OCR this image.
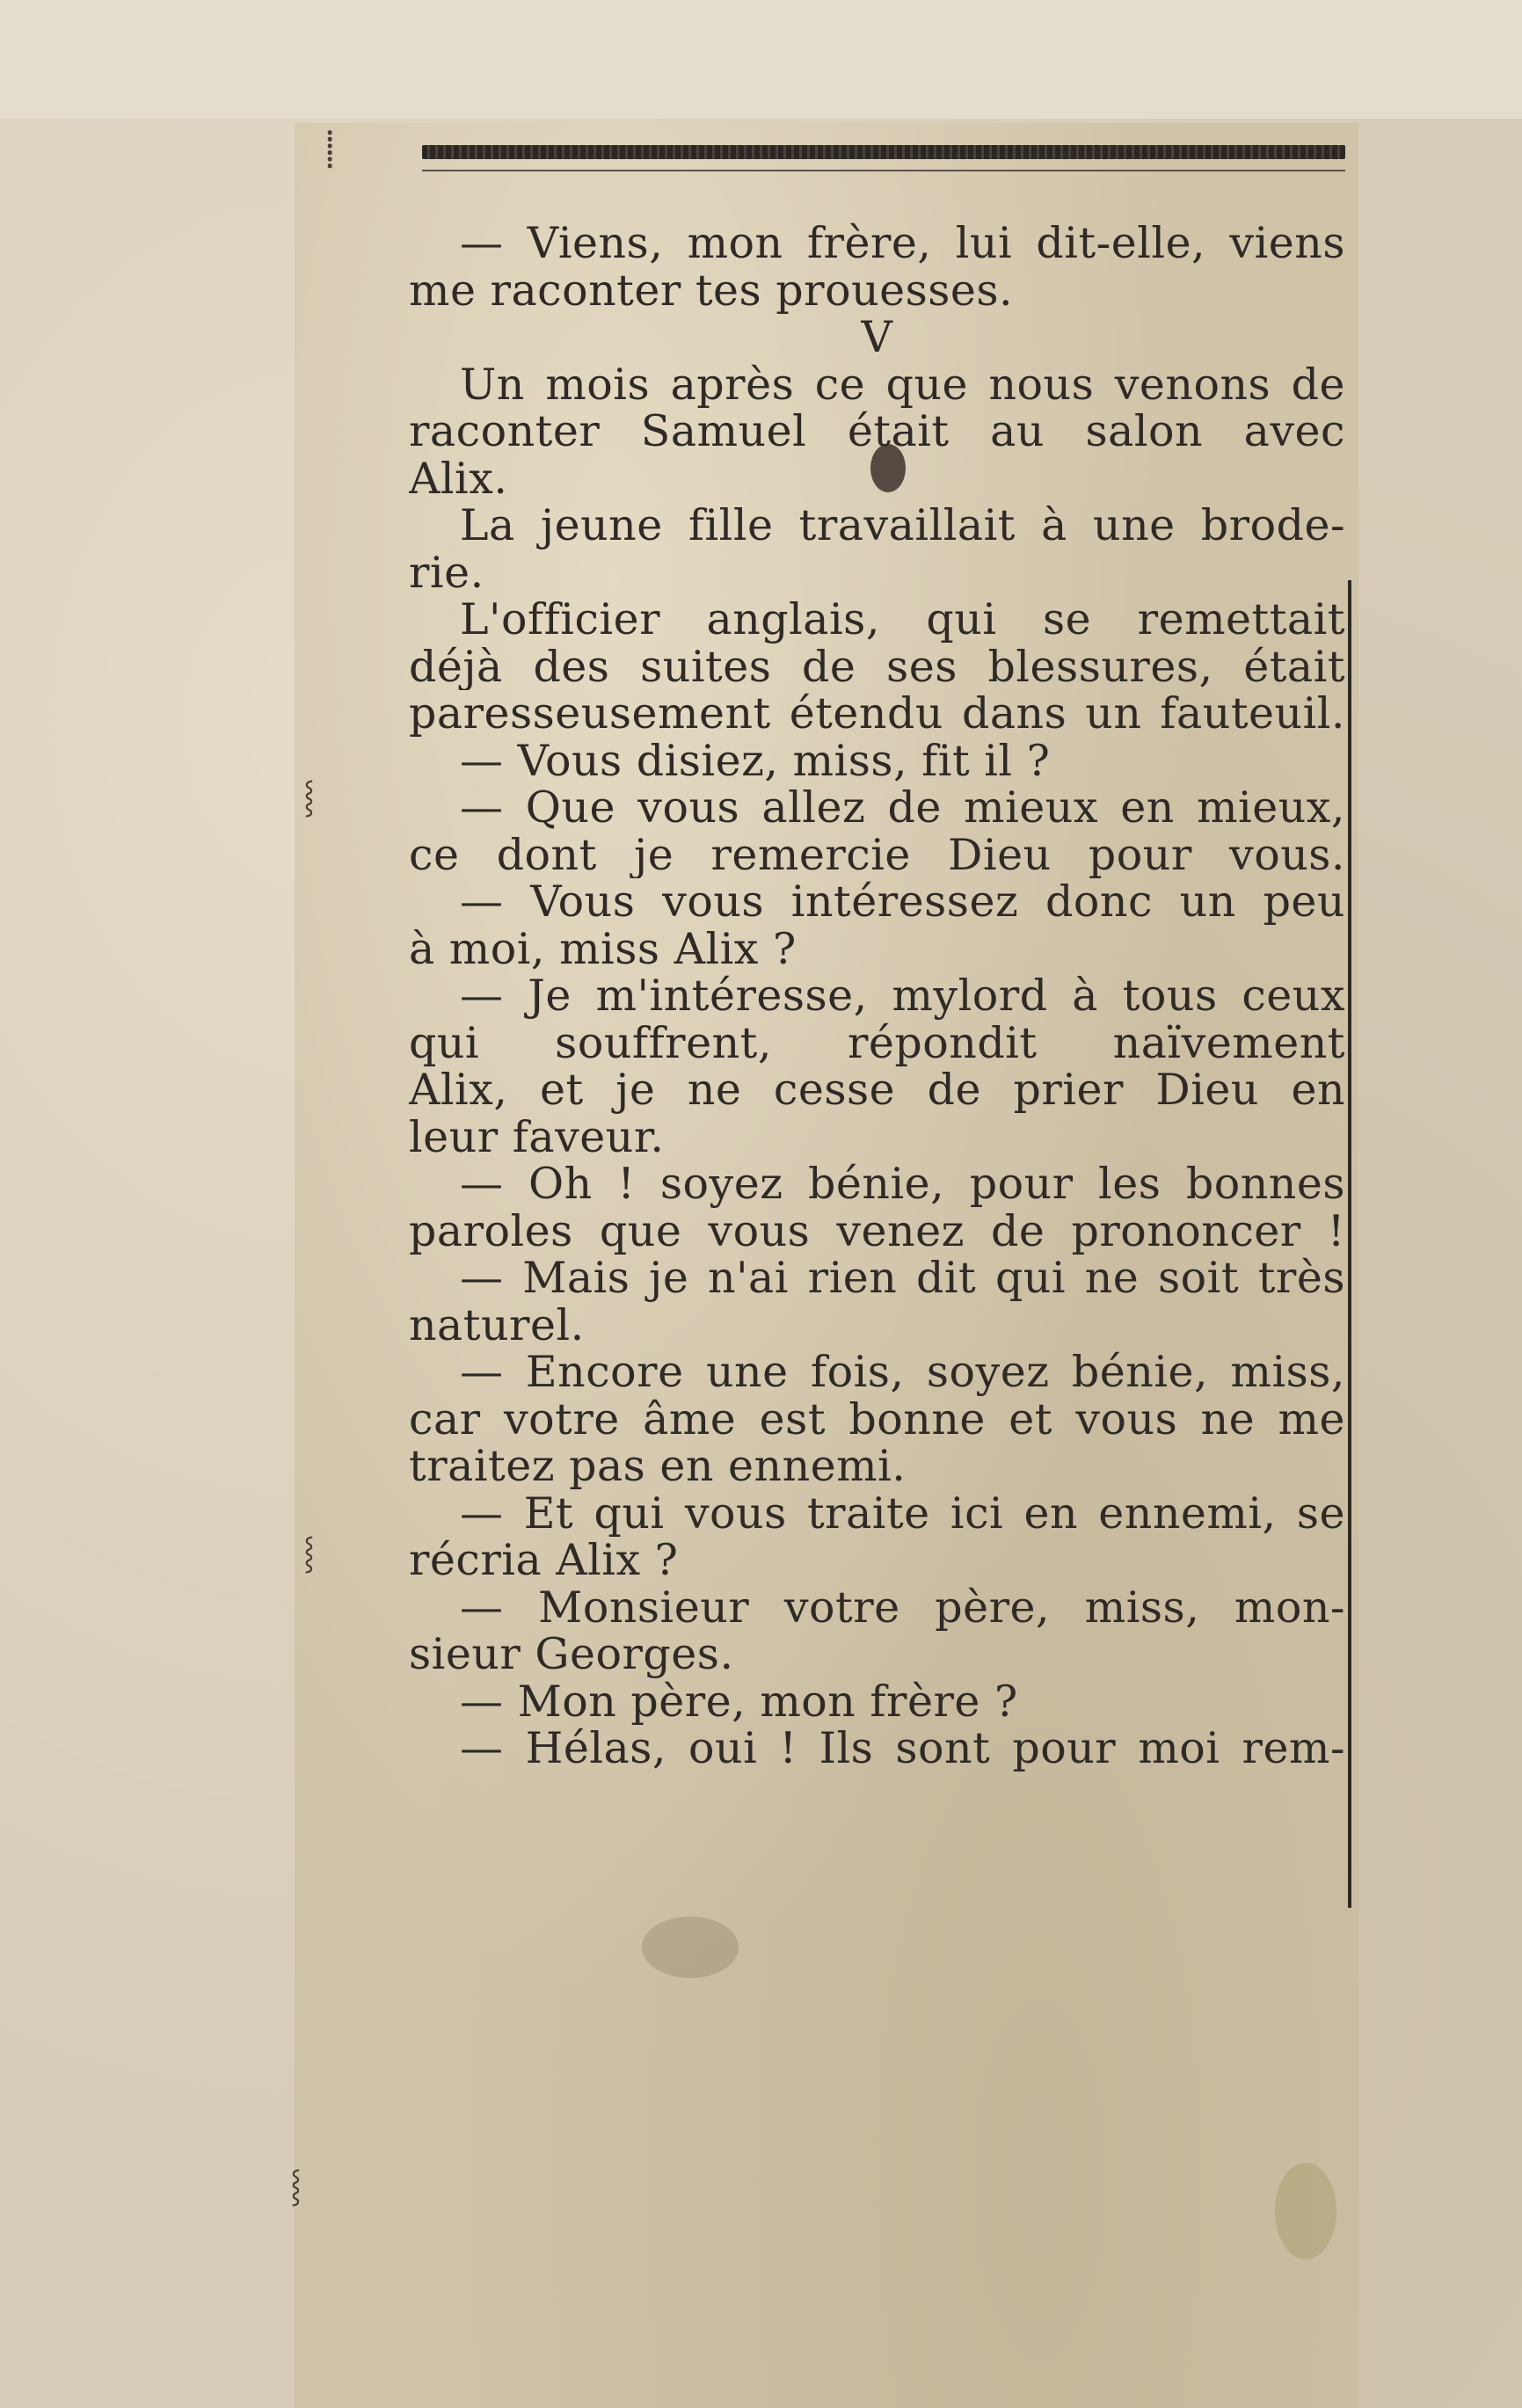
⸽
⸾
⸾
⸾
— Viens, mon frère, lui dit-elle, viens
me raconter tes prouesses.
V
Un mois après ce que nous venons de
raconter Samuel était au salon avec
Alix.
La jeune fille travaillait à une brode-
rie.
L'officier anglais, qui se remettait
déjà des suites de ses blessures, était
paresseusement étendu dans un fauteuil.
— Vous disiez, miss, fit il ?
— Que vous allez de mieux en mieux,
ce dont je remercie Dieu pour vous.
— Vous vous intéressez donc un peu
à moi, miss Alix ?
— Je m'intéresse, mylord à tous ceux
qui souffrent, répondit naïvement
Alix, et je ne cesse de prier Dieu en
leur faveur.
— Oh ! soyez bénie, pour les bonnes
paroles que vous venez de prononcer !
— Mais je n'ai rien dit qui ne soit très
naturel.
— Encore une fois, soyez bénie, miss,
car votre âme est bonne et vous ne me
traitez pas en ennemi.
— Et qui vous traite ici en ennemi, se
récria Alix ?
— Monsieur votre père, miss, mon-
sieur Georges.
— Mon père, mon frère ?
— Hélas, oui ! Ils sont pour moi rem-
